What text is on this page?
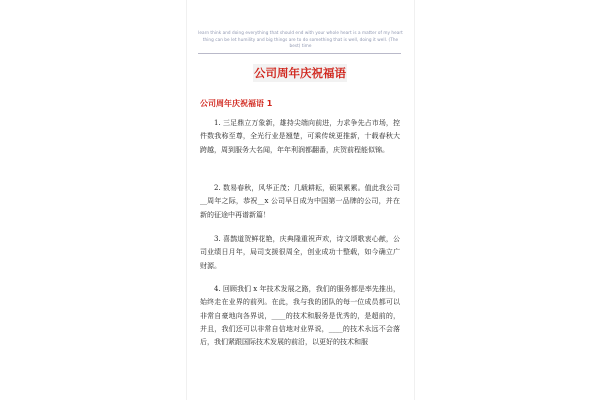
learn think and doing everything that should end with your whole heart is a matter of my heart thing can be let humility and big things are to do something that is well, doing it well. (The best) time
公司周年庆祝福语
公司周年庆祝福语 1

1. 三足鼎立万象新，雄持尖端向前进，力求争先占市场，控件数我称至尊，全光行业是翘楚，可乘传统更推新，十载春秋大跨越，周到服务大名闻，年年利润都翻番，庆贺前程能似锦。

2. 数易春秋，风华正茂；几载耕耘，硕果累累。值此我公司__周年之际，恭祝__x 公司早日成为中国第一品牌的公司，并在新的征途中再谱新篇！

3. 喜鹊道贺鲜花艳，庆典隆重祝声欢，诗文颂歌衷心献，公司业绩日月年，局司支援很周全，创业成功十整载，如今确立广财源。

4. 回顾我们 x 年技术发展之路，我们的服务都是率先推出，始终走在业界的前列。在此，我与我的团队的每一位成员都可以非常自豪地向各界说，____的技术和服务是优秀的，是超前的，并且，我们还可以非常自信地对业界说，____的技术永远不会落后，我们紧跟国际技术发展的前沿，以更好的技术和服
